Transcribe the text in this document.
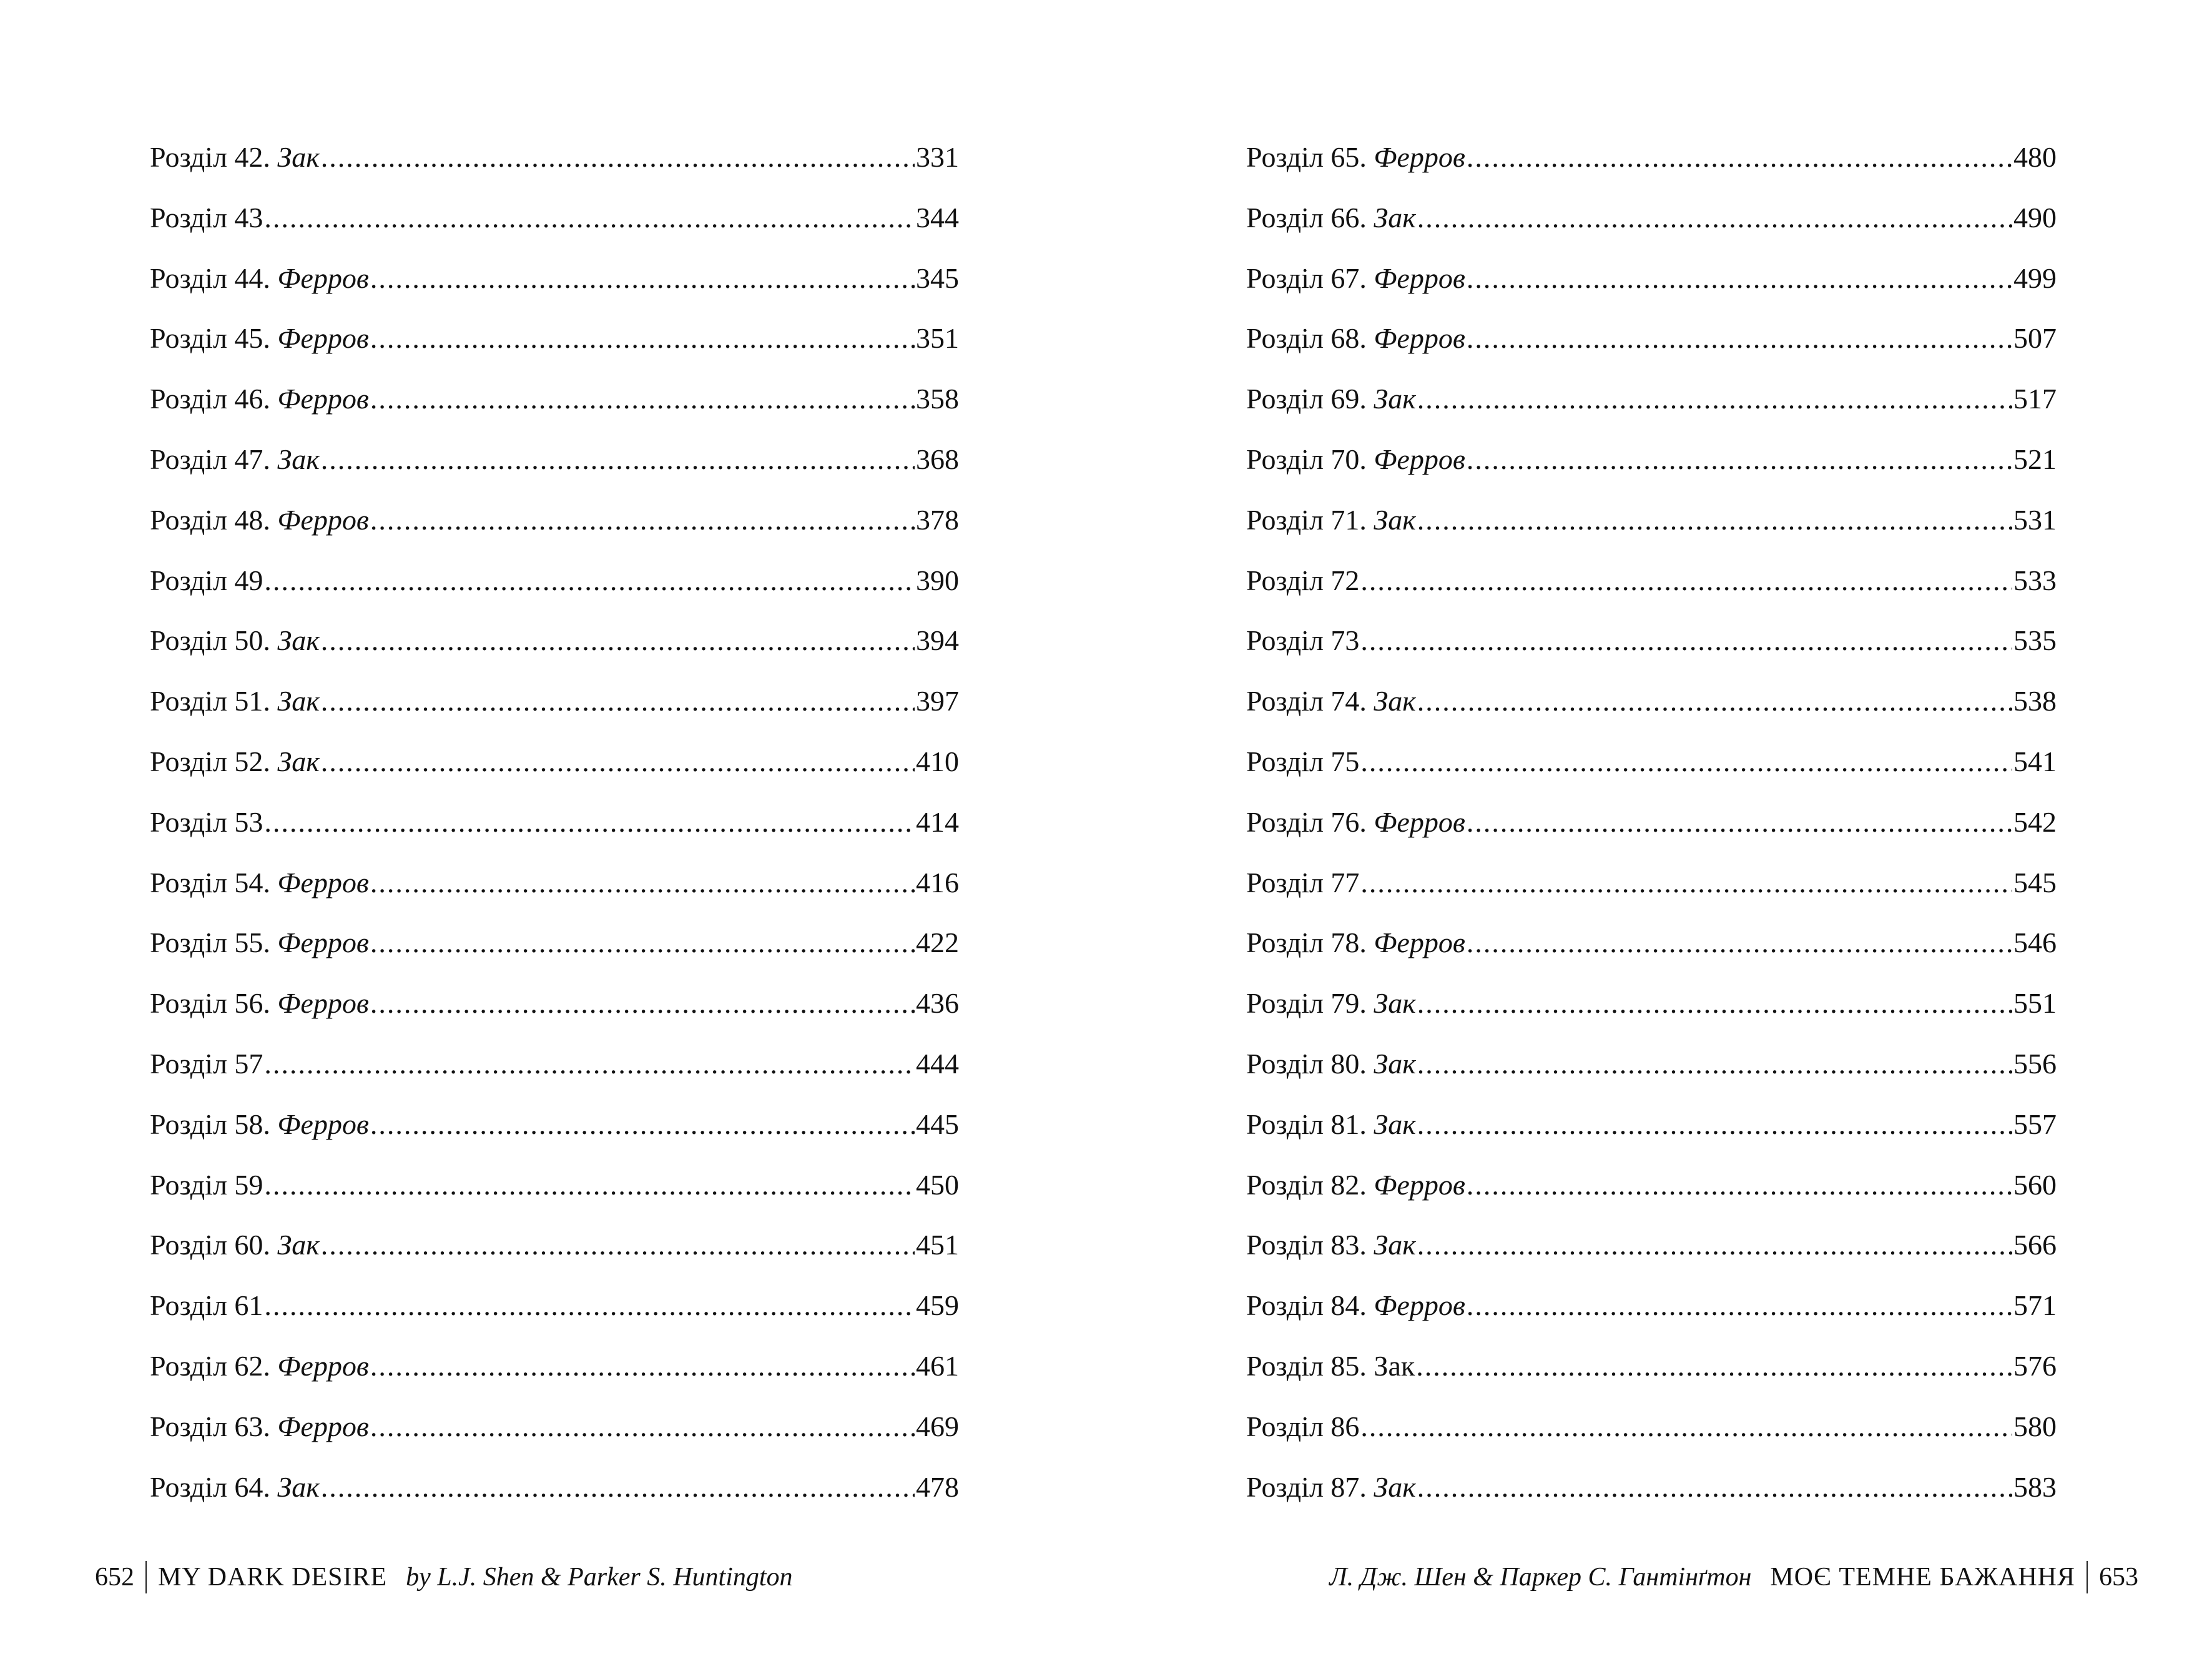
Розділ 42. Зак .....	331
Розділ 43 .....	344
Розділ 44. Ферров .....	345
Розділ 45. Ферров .....	351
Розділ 46. Ферров .....	358
Розділ 47. Зак .....	368
Розділ 48. Ферров .....	378
Розділ 49 .....	390
Розділ 50. Зак .....	394
Розділ 51. Зак .....	397
Розділ 52. Зак .....	410
Розділ 53 .....	414
Розділ 54. Ферров .....	416
Розділ 55. Ферров .....	422
Розділ 56. Ферров .....	436
Розділ 57 .....	444
Розділ 58. Ферров .....	445
Розділ 59 .....	450
Розділ 60. Зак .....	451
Розділ 61 .....	459
Розділ 62. Ферров .....	461
Розділ 63. Ферров .....	469
Розділ 64. Зак .....	478
Розділ 65. Ферров .....	480
Розділ 66. Зак .....	490
Розділ 67. Ферров .....	499
Розділ 68. Ферров .....	507
Розділ 69. Зак .....	517
Розділ 70. Ферров .....	521
Розділ 71. Зак .....	531
Розділ 72 .....	533
Розділ 73 .....	535
Розділ 74. Зак .....	538
Розділ 75 .....	541
Розділ 76. Ферров .....	542
Розділ 77 .....	545
Розділ 78. Ферров .....	546
Розділ 79. Зак .....	551
Розділ 80. Зак .....	556
Розділ 81. Зак .....	557
Розділ 82. Ферров .....	560
Розділ 83. Зак .....	566
Розділ 84. Ферров .....	571
Розділ 85. Зак .....	576
Розділ 86 .....	580
Розділ 87. Зак .....	583
652 MY DARK DESIRE by L.J. Shen & Parker S. Huntington	Л. Дж. Шен & Паркер С. Гантінґтон МОЄ ТЕМНЕ БАЖАННЯ 653
